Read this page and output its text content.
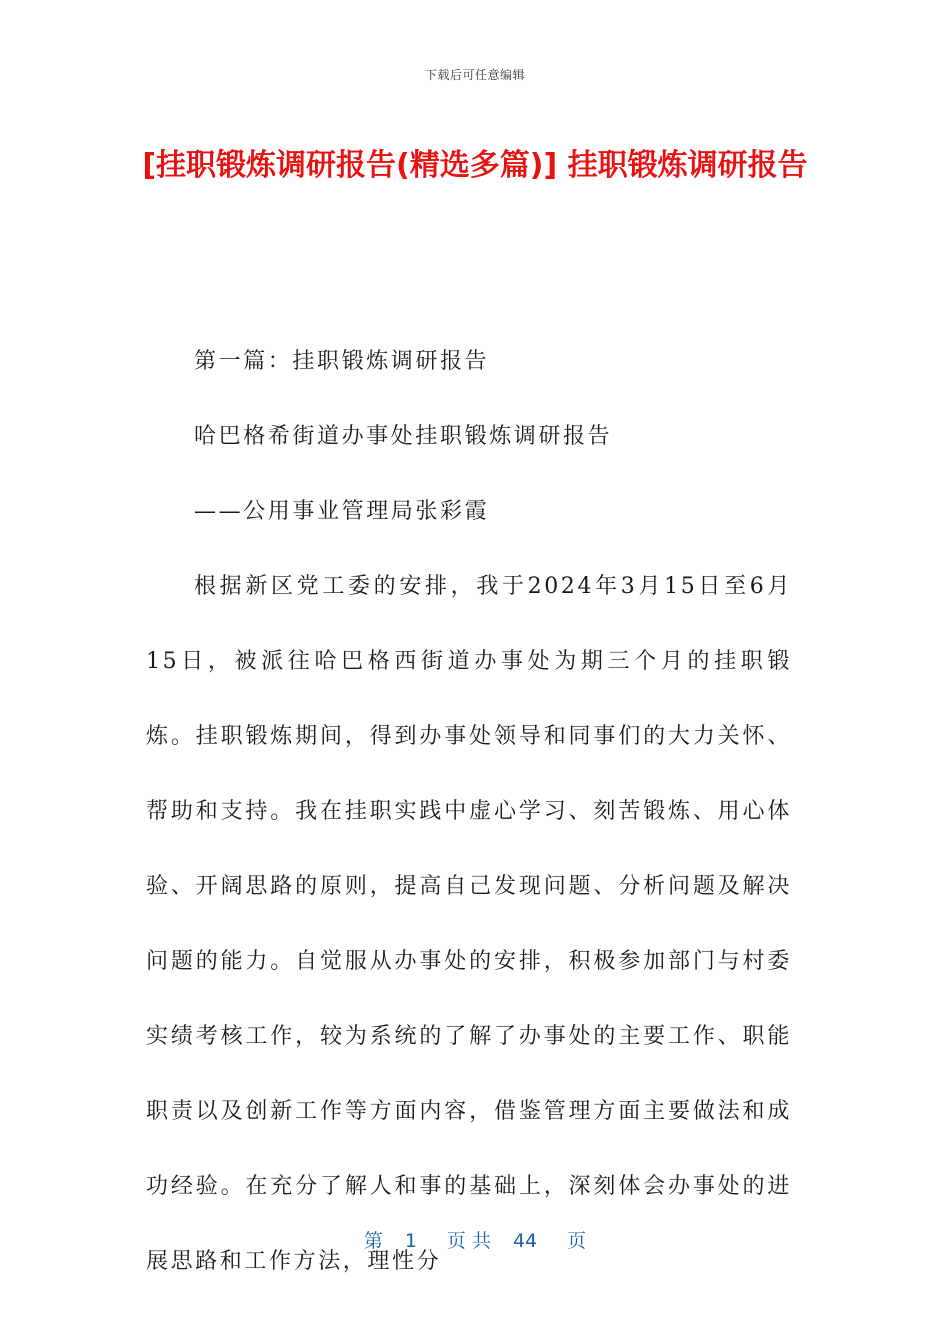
下载后可任意编辑
[挂职锻炼调研报告(精选多篇)] 挂职锻炼调研报告

第一篇：挂职锻炼调研报告

哈巴格希街道办事处挂职锻炼调研报告

——公用事业管理局张彩霞

根据新区党工委的安排，我于2024年3月15日至6月15日，被派往哈巴格西街道办事处为期三个月的挂职锻炼。挂职锻炼期间，得到办事处领导和同事们的大力关怀、帮助和支持。我在挂职实践中虚心学习、刻苦锻炼、用心体验、开阔思路的原则，提高自己发现问题、分析问题及解决问题的能力。自觉服从办事处的安排，积极参加部门与村委实绩考核工作，较为系统的了解了办事处的主要工作、职能职责以及创新工作等方面内容，借鉴管理方面主要做法和成功经验。在充分了解人和事的基础上，深刻体会办事处的进展思路和工作方法，理性分

第 1 页 共 44 页
